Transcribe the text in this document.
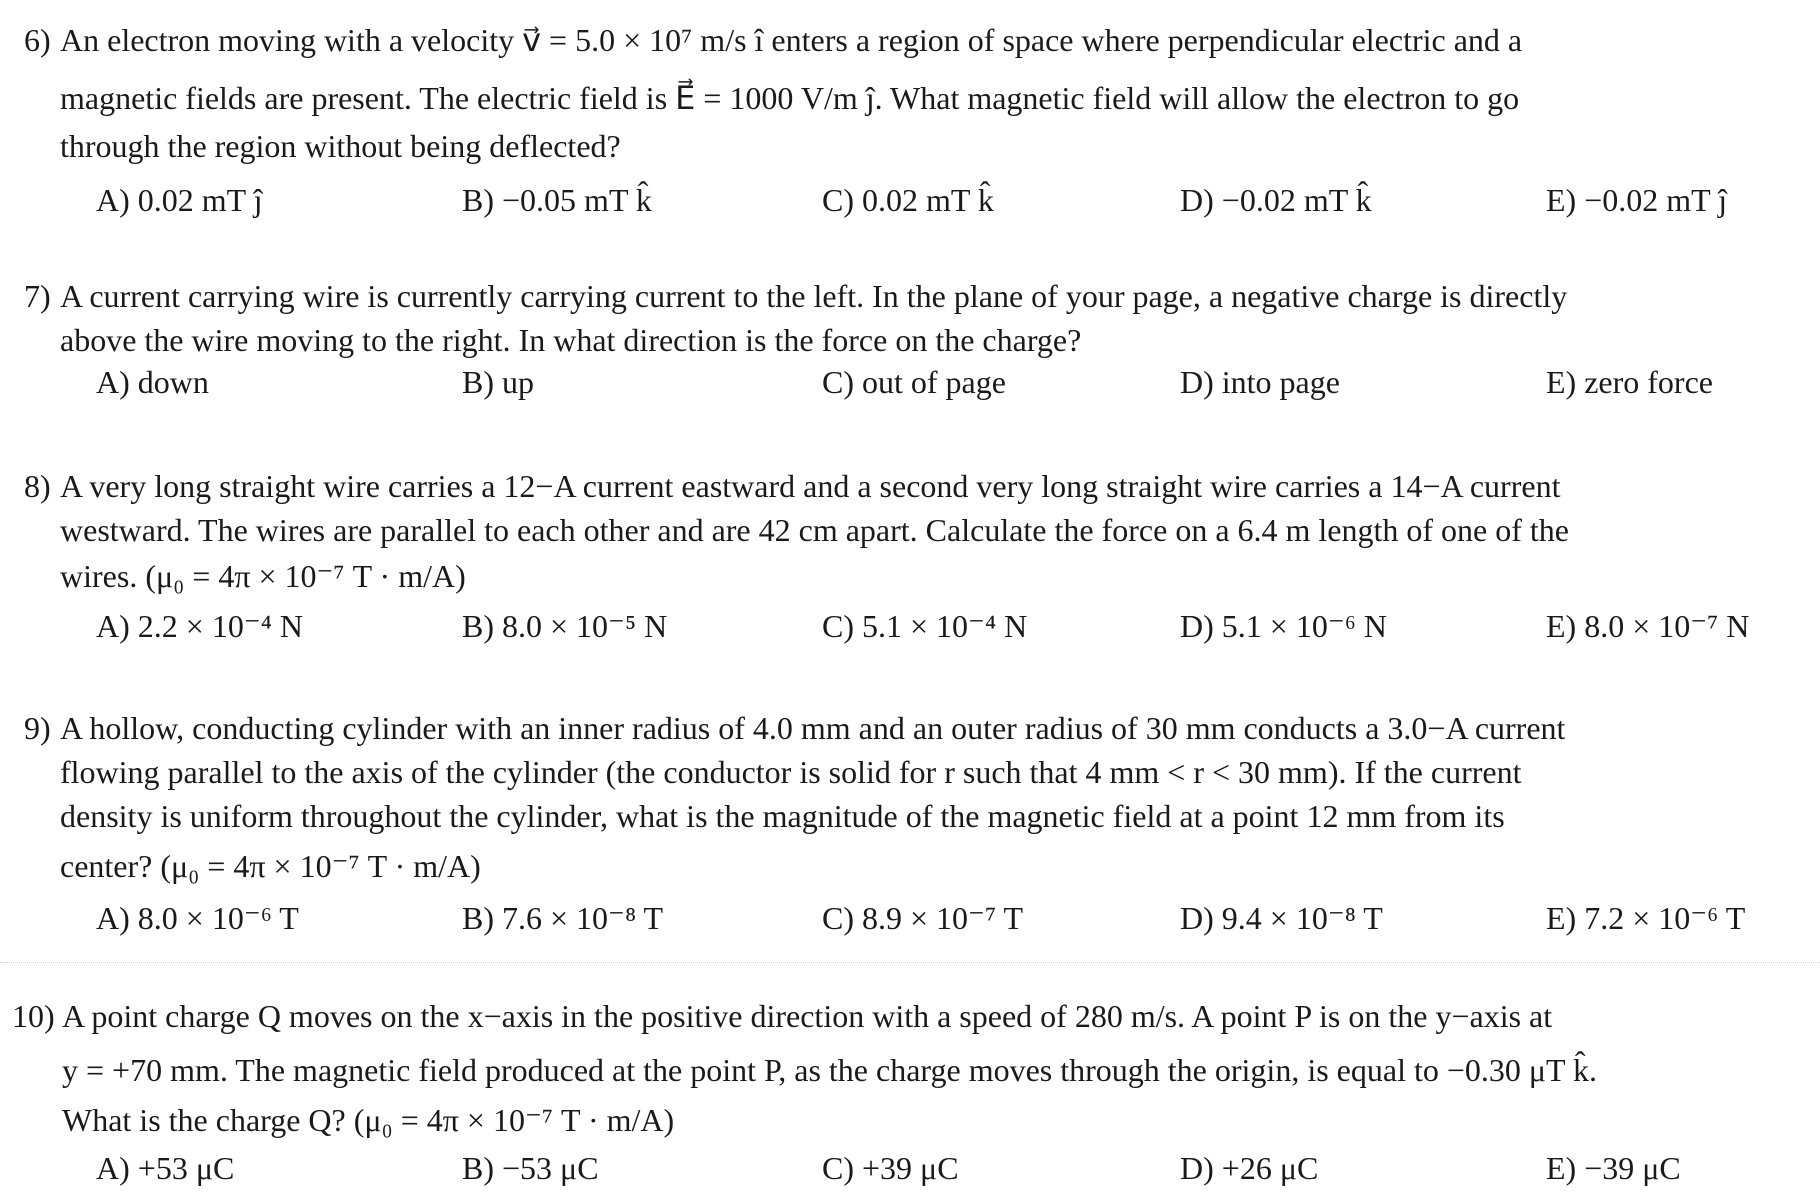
6) An electron moving with a velocity v⃗ = 5.0 × 10⁷ m/s î enters a region of space where perpendicular electric and a
magnetic fields are present. The electric field is E⃗ = 1000 V/m ĵ. What magnetic field will allow the electron to go
through the region without being deflected?
A) 0.02 mT ĵ	B) −0.05 mT k̂	C) 0.02 mT k̂	D) −0.02 mT k̂	E) −0.02 mT ĵ
7) A current carrying wire is currently carrying current to the left. In the plane of your page, a negative charge is directly
above the wire moving to the right. In what direction is the force on the charge?
A) down	B) up	C) out of page	D) into page	E) zero force
8) A very long straight wire carries a 12−A current eastward and a second very long straight wire carries a 14−A current
westward. The wires are parallel to each other and are 42 cm apart. Calculate the force on a 6.4 m length of one of the
wires. (μ₀ = 4π × 10⁻⁷ T · m/A)
A) 2.2 × 10⁻⁴ N	B) 8.0 × 10⁻⁵ N	C) 5.1 × 10⁻⁴ N	D) 5.1 × 10⁻⁶ N	E) 8.0 × 10⁻⁷ N
9) A hollow, conducting cylinder with an inner radius of 4.0 mm and an outer radius of 30 mm conducts a 3.0−A current
flowing parallel to the axis of the cylinder (the conductor is solid for r such that 4 mm < r < 30 mm). If the current
density is uniform throughout the cylinder, what is the magnitude of the magnetic field at a point 12 mm from its
center? (μ₀ = 4π × 10⁻⁷ T · m/A)
A) 8.0 × 10⁻⁶ T	B) 7.6 × 10⁻⁸ T	C) 8.9 × 10⁻⁷ T	D) 9.4 × 10⁻⁸ T	E) 7.2 × 10⁻⁶ T
10) A point charge Q moves on the x−axis in the positive direction with a speed of 280 m/s. A point P is on the y−axis at
y = +70 mm. The magnetic field produced at the point P, as the charge moves through the origin, is equal to −0.30 μT k̂.
What is the charge Q? (μ₀ = 4π × 10⁻⁷ T · m/A)
A) +53 μC	B) −53 μC	C) +39 μC	D) +26 μC	E) −39 μC
